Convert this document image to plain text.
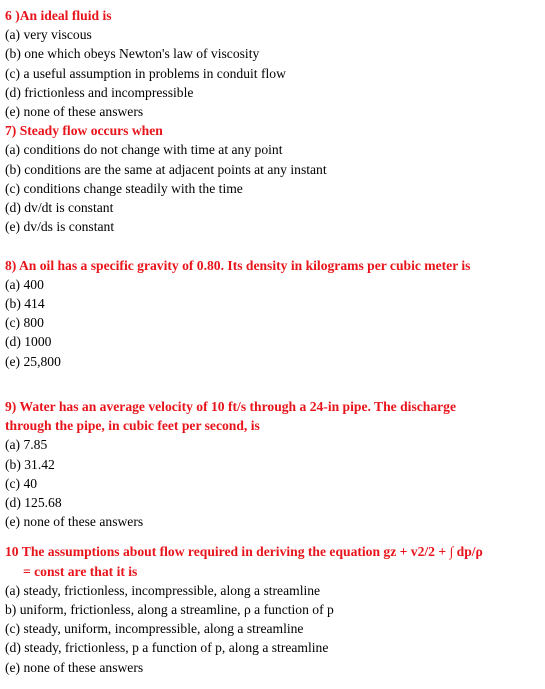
6 )An ideal fluid is

(a) very viscous

(b) one which obeys Newton's law of viscosity

(c) a useful assumption in problems in conduit flow

(d) frictionless and incompressible

(e) none of these answers

7) Steady flow occurs when

(a) conditions do not change with time at any point

(b) conditions are the same at adjacent points at any instant

(c) conditions change steadily with the time

(d) dv/dt is constant

(e) dv/ds is constant

8) An oil has a specific gravity of 0.80. Its density in kilograms per cubic meter is

(a) 400

(b) 414

(c) 800

(d) 1000

(e) 25,800

9) Water has an average velocity of 10 ft/s through a 24-in pipe. The discharge
through the pipe, in cubic feet per second, is

(a) 7.85

(b) 31.42

(c) 40

(d) 125.68

(e) none of these answers

10 The assumptions about flow required in deriving the equation gz + v2/2 + ∫ dp/ρ
= const are that it is

(a) steady, frictionless, incompressible, along a streamline

b) uniform, frictionless, along a streamline, ρ a function of p

(c) steady, uniform, incompressible, along a streamline

(d) steady, frictionless, p a function of p, along a streamline

(e) none of these answers
